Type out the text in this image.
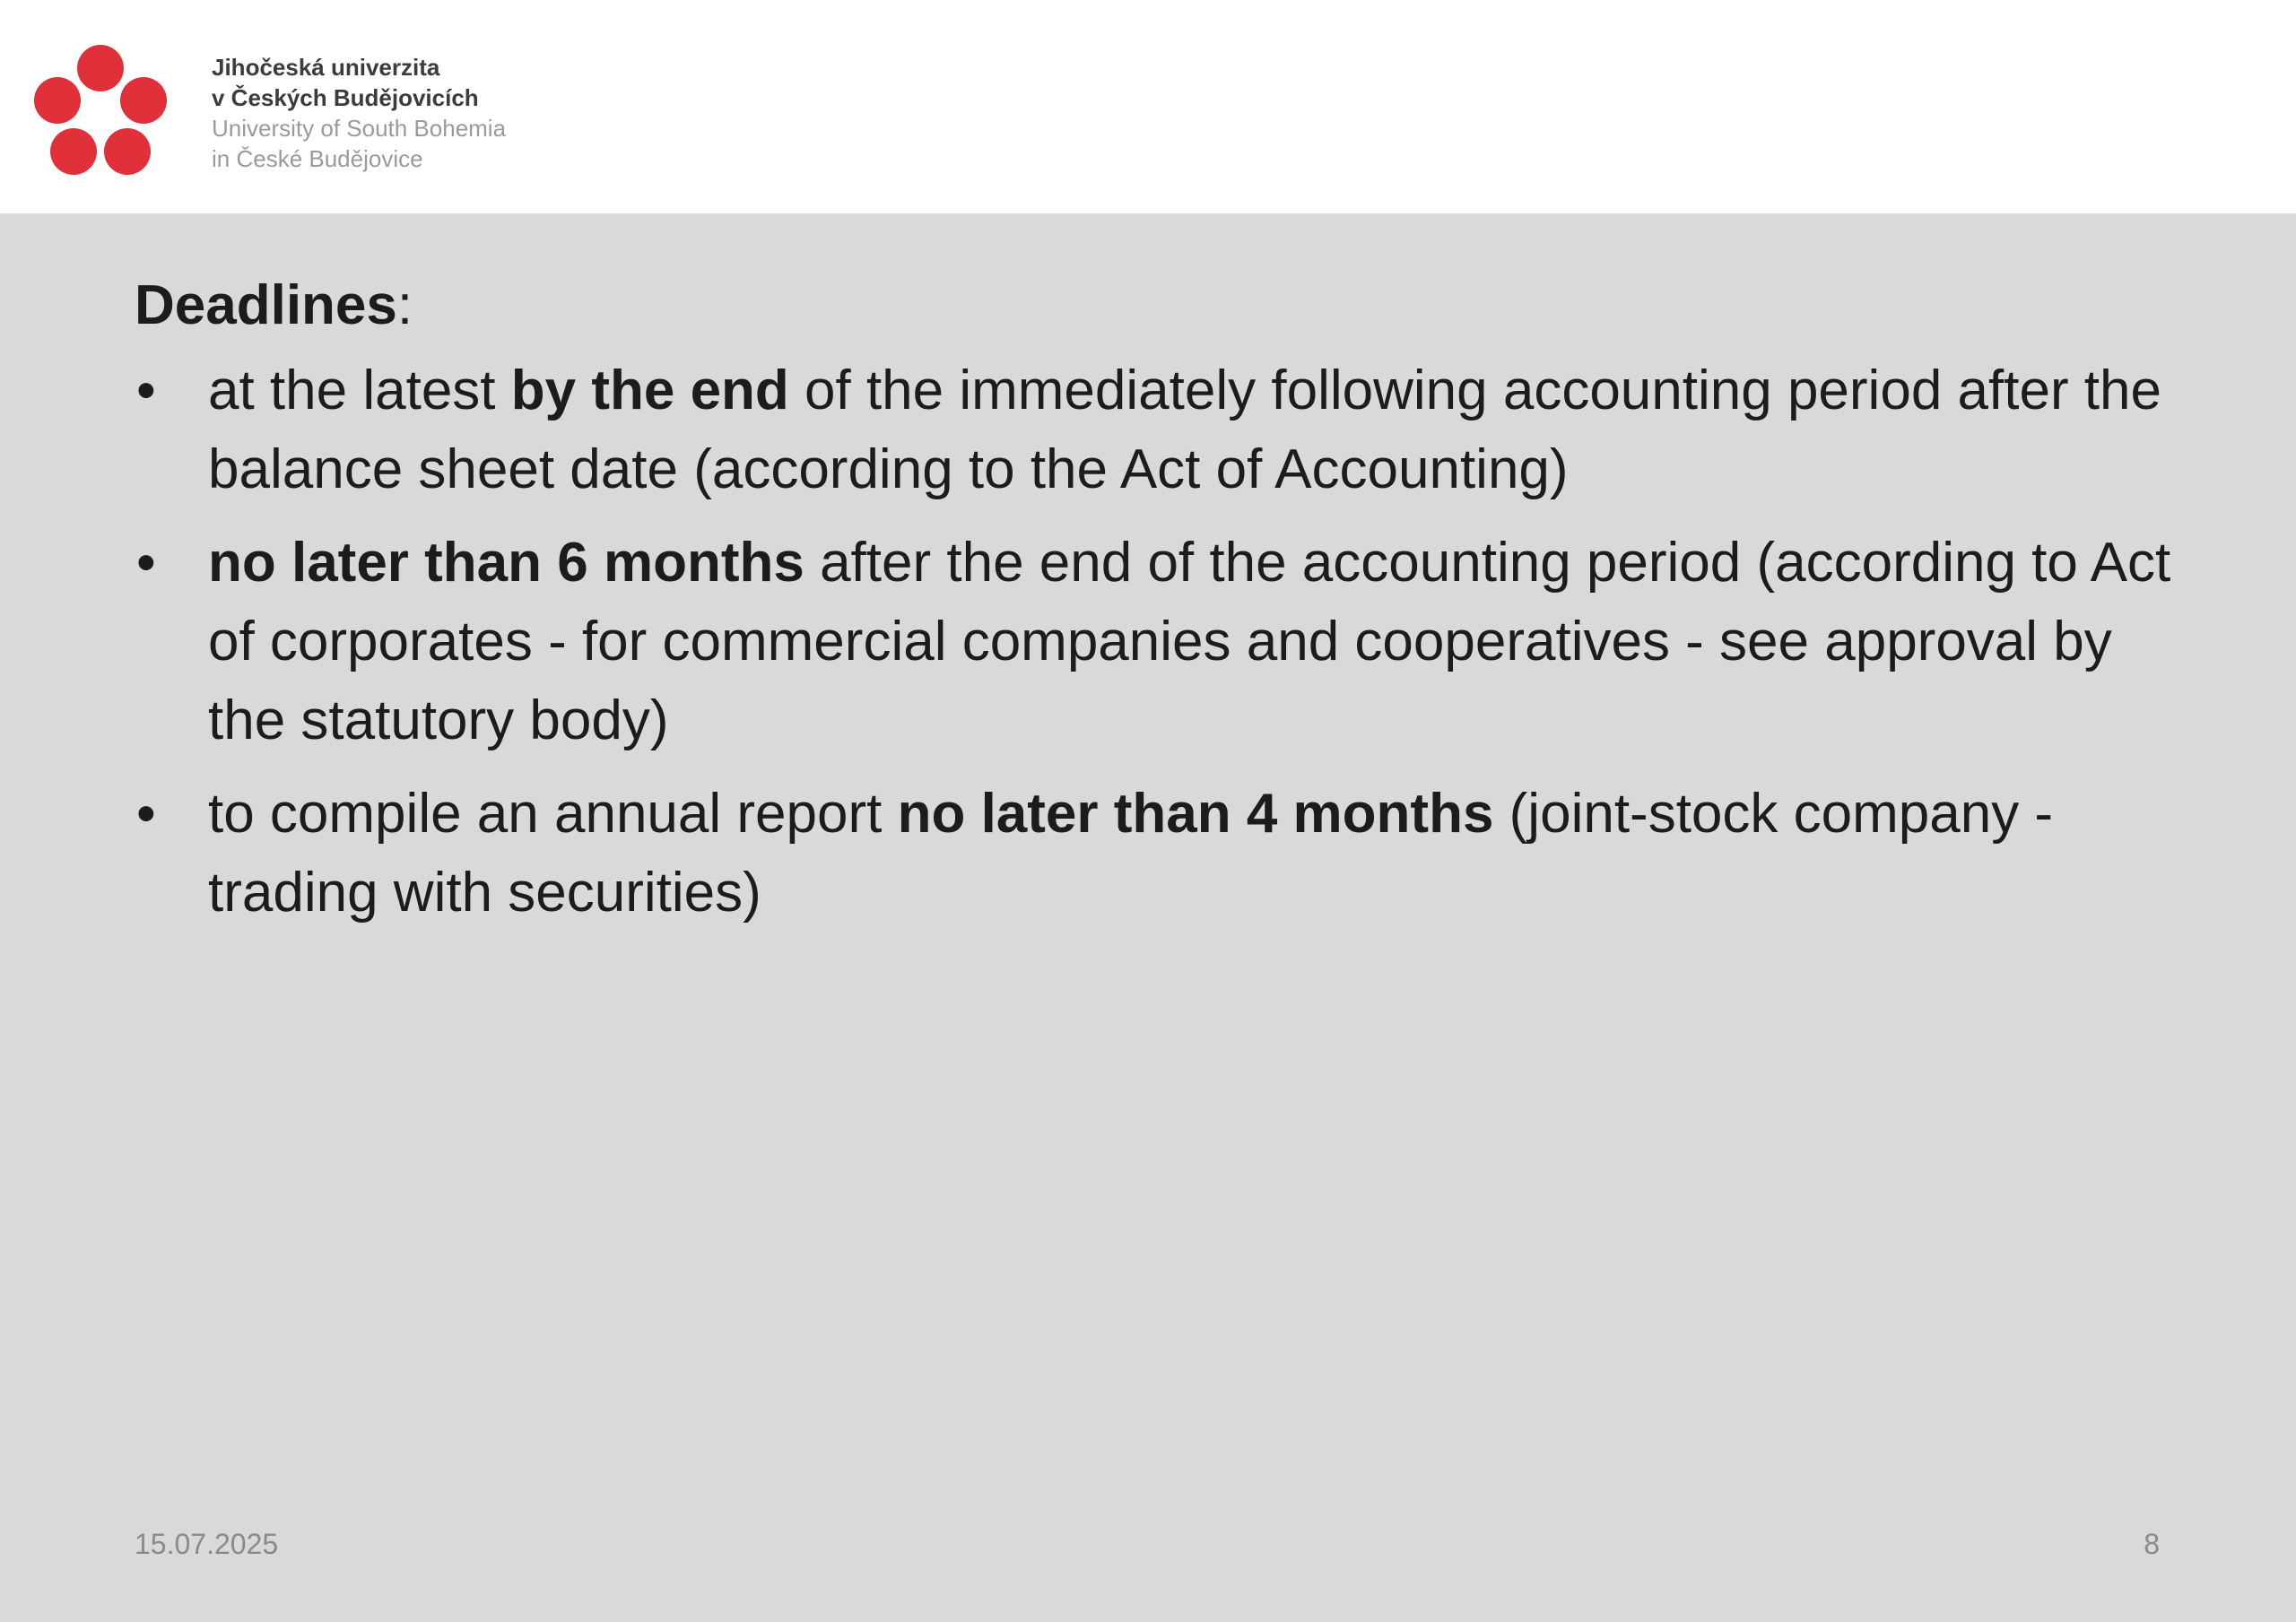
Jihočeská univerzita
v Českých Budějovicích
University of South Bohemia
in České Budějovice
Deadlines:
• at the latest by the end of the immediately following accounting period after the balance sheet date (according to the Act of Accounting)
• no later than 6 months after the end of the accounting period (according to Act of corporates - for commercial companies and cooperatives - see approval by the statutory body)
• to compile an annual report no later than 4 months (joint-stock company - trading with securities)
15.07.2025	8
